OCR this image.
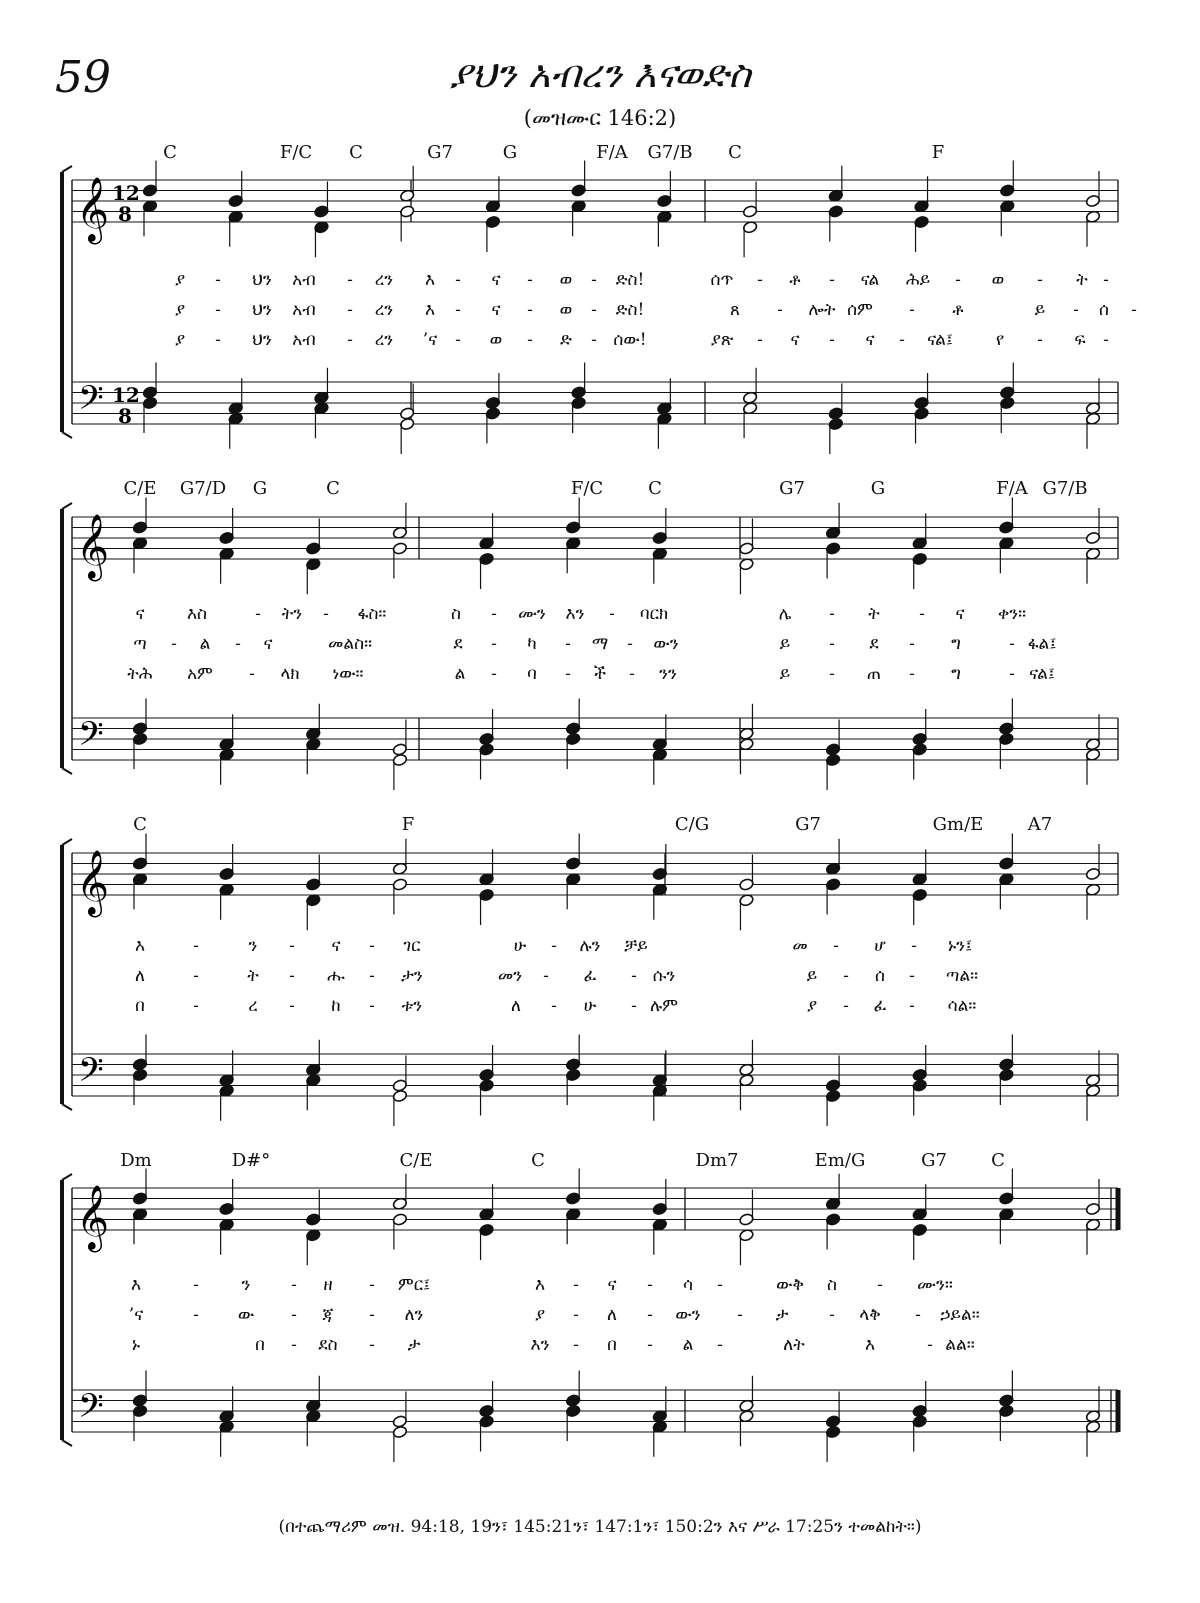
59	ያህን አብረን እናወድስ
(መዝሙር 146:2)
𝄞
𝄢
12
8
12
8
𝄞
𝄢
𝄞
𝄢
𝄞
𝄢
C	F/C C	G7	G	F/A G7/B C	F
ያ - ህን አብ - ረን እ - ና - ወ - ድስ!	ሰጥ - ቶ - ናል ሕይ - ወ - ት -
ያ - ህን አብ - ረን እ - ና - ወ - ድስ!	ጸ - ሎት ሰም - ቶ	ይ - ሰ -
ያ - ህን አብ - ረን ’ና - ወ - ድ - ሰው!	ያጽ - ና - ና - ናል፤	የ - ፍ -
C/E G7/D G	C	F/C C	G7	G	F/A G7/B
ና እስ	- ትን - ፋስ።	ስ - ሙን እን - ባርክ	ሌ - ት - ና ቀን።
ጣ - ል - ና	መልስ።	ደ - ካ - ማ - ውን	ይ - ደ - ግ	- ፋል፤
ትሕ አም - ላክ ነው።	ል - ባ - ች - ንን	ይ - ጠ - ግ	- ናል፤
C	F	C/G	G7	Gm/E A7
እ	-	ን - ና - ገር	ሁ - ሉን ቻይ	መ - ሆ - ኑን፤
ለ	-	ት - ሑ - ታን	መን - ፈ - ሱን	ይ - ሰ - ጣል።
በ	-	ረ - ከ - ቱን	ለ - ሁ - ሉም	ያ - ፈ - ሳል።
Dm	D#°	C/E	C	Dm7	Em/G	G7 C
እ	-	ን - ዘ - ምር፤	እ - ና - ሳ -	ውቅ ስ - ሙን።
’ና	- ው - ጃ - ለን	ያ - ለ - ውን - ታ - ላቅ - ኃይል።
ኑ	በ - ደስ - ታ	እን - በ - ል -	ለት	እ	- ልል።
(በተጨማሪም መዝ. 94:18, 19ን፣ 145:21ን፣ 147:1ን፣ 150:2ን እና ሥራ 17:25ን ተመልከት።)
